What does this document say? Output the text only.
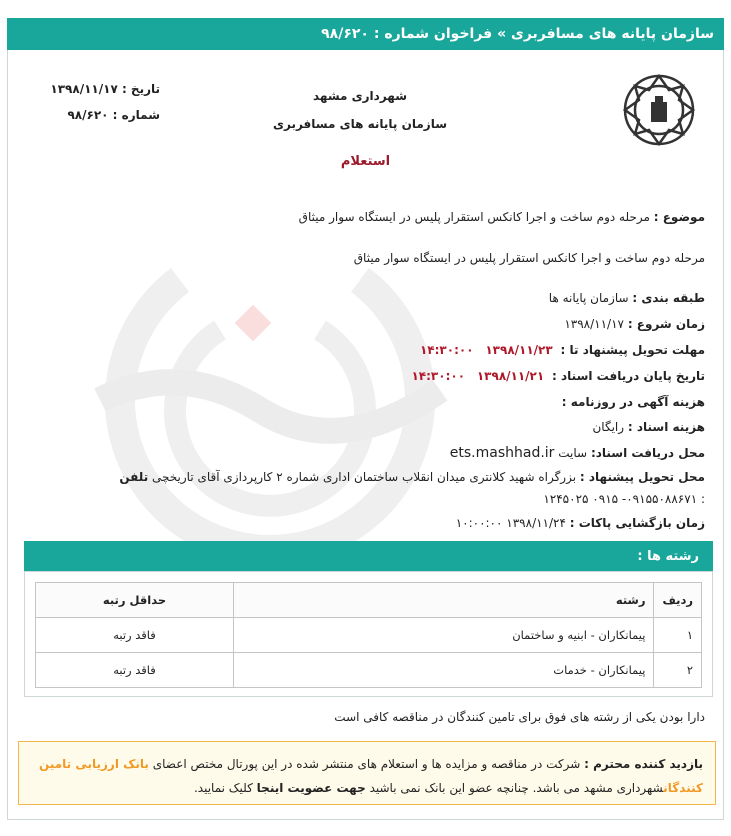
سازمان پایانه های مسافربری » فراخوان شماره : ۹۸/۶۲۰
شهرداری مشهد
سازمان پایانه های مسافربری
تاریخ : ۱۳۹۸/۱۱/۱۷
شماره : ۹۸/۶۲۰
استعلام
موضوع : مرحله دوم ساخت و اجرا کانکس استقرار پلیس در ایستگاه سوار میثاق
مرحله دوم ساخت و اجرا کانکس استقرار پلیس در ایستگاه سوار میثاق
طبقه بندی : سازمان پایانه ها
زمان شروع : ۱۳۹۸/۱۱/۱۷
مهلت تحویل پیشنهاد تا : ۱۳۹۸/۱۱/۲۳ ۱۴:۳۰:۰۰
تاریخ پایان دریافت اسناد : ۱۳۹۸/۱۱/۲۱ ۱۴:۳۰:۰۰
هزینه آگهی در روزنامه :
هزینه اسناد : رایگان
محل دریافت اسناد: سایت ets.mashhad.ir
محل تحویل پیشنهاد : بزرگراه شهید کلانتری میدان انقلاب ساختمان اداری شماره ۲ کارپردازی آقای تاریخچی تلفن
: ۰۹۱۵۵۰۸۸۶۷۱- ۰۹۱۵ ۱۲۴۵۰۲۵
زمان بازگشایی پاکات : ۱۳۹۸/۱۱/۲۴ ۱۰:۰۰:۰۰
رشته ها :
ردیف	رشته	حداقل رتبه
۱	پیمانکاران - ابنیه و ساختمان	فاقد رتبه
۲	پیمانکاران - خدمات	فاقد رتبه
دارا بودن یکی از رشته های فوق برای تامین کنندگان در مناقصه کافی است
بازدید کننده محترم : شرکت در مناقصه و مزایده ها و استعلام های منتشر شده در این پورتال مختص اعضای بانک ارزیابی تامین کنندگانشهرداری مشهد می باشد. چنانچه عضو این بانک نمی باشید جهت عضویت اینجا کلیک نمایید.
